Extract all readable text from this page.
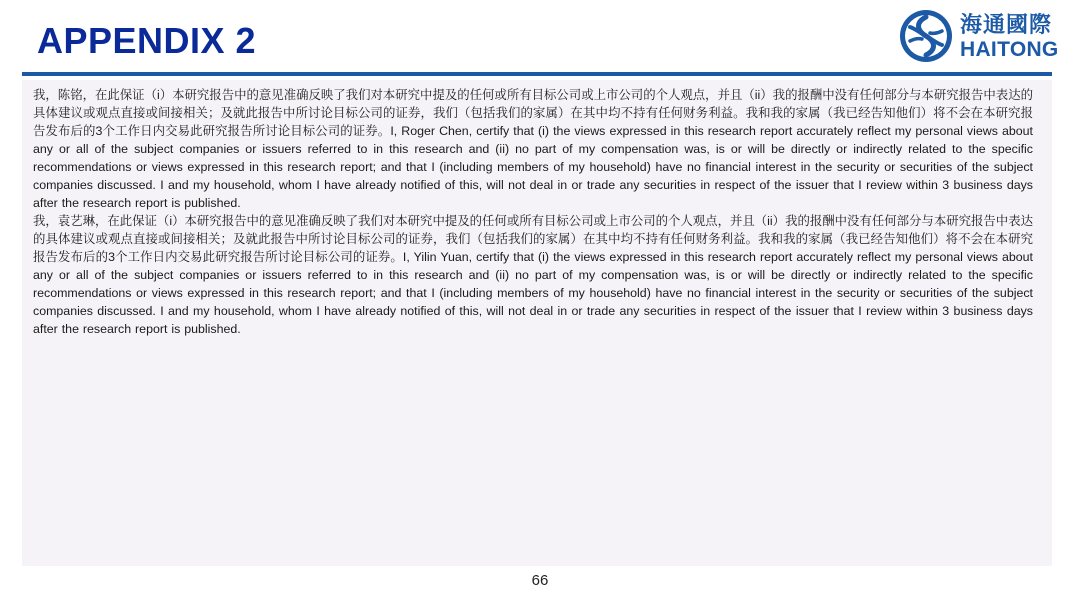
APPENDIX 2	海通國際
HAITONG

我，陈铭，在此保证（i）本研究报告中的意见准确反映了我们对本研究中提及的任何或所有目标公司或上市公司的个人观点，并且（ii）我的报酬中没有任何部分与本研究报告中表达的具体建议或观点直接或间接相关；及就此报告中所讨论目标公司的证券，我们（包括我们的家属）在其中均不持有任何财务利益。我和我的家属（我已经告知他们）将不会在本研究报告发布后的3个工作日内交易此研究报告所讨论目标公司的证券。I, Roger Chen, certify that (i) the views expressed in this research report accurately reflect my personal views about any or all of the subject companies or issuers referred to in this research and (ii) no part of my compensation was, is or will be directly or indirectly related to the specific recommendations or views expressed in this research report; and that I (including members of my household) have no financial interest in the security or securities of the subject companies discussed. I and my household, whom I have already notified of this, will not deal in or trade any securities in respect of the issuer that I review within 3 business days after the research report is published.

我，袁艺琳，在此保证（i）本研究报告中的意见准确反映了我们对本研究中提及的任何或所有目标公司或上市公司的个人观点，并且（ii）我的报酬中没有任何部分与本研究报告中表达的具体建议或观点直接或间接相关；及就此报告中所讨论目标公司的证券，我们（包括我们的家属）在其中均不持有任何财务利益。我和我的家属（我已经告知他们）将不会在本研究报告发布后的3个工作日内交易此研究报告所讨论目标公司的证券。I, Yilin Yuan, certify that (i) the views expressed in this research report accurately reflect my personal views about any or all of the subject companies or issuers referred to in this research and (ii) no part of my compensation was, is or will be directly or indirectly related to the specific recommendations or views expressed in this research report; and that I (including members of my household) have no financial interest in the security or securities of the subject companies discussed. I and my household, whom I have already notified of this, will not deal in or trade any securities in respect of the issuer that I review within 3 business days after the research report is published.

66
